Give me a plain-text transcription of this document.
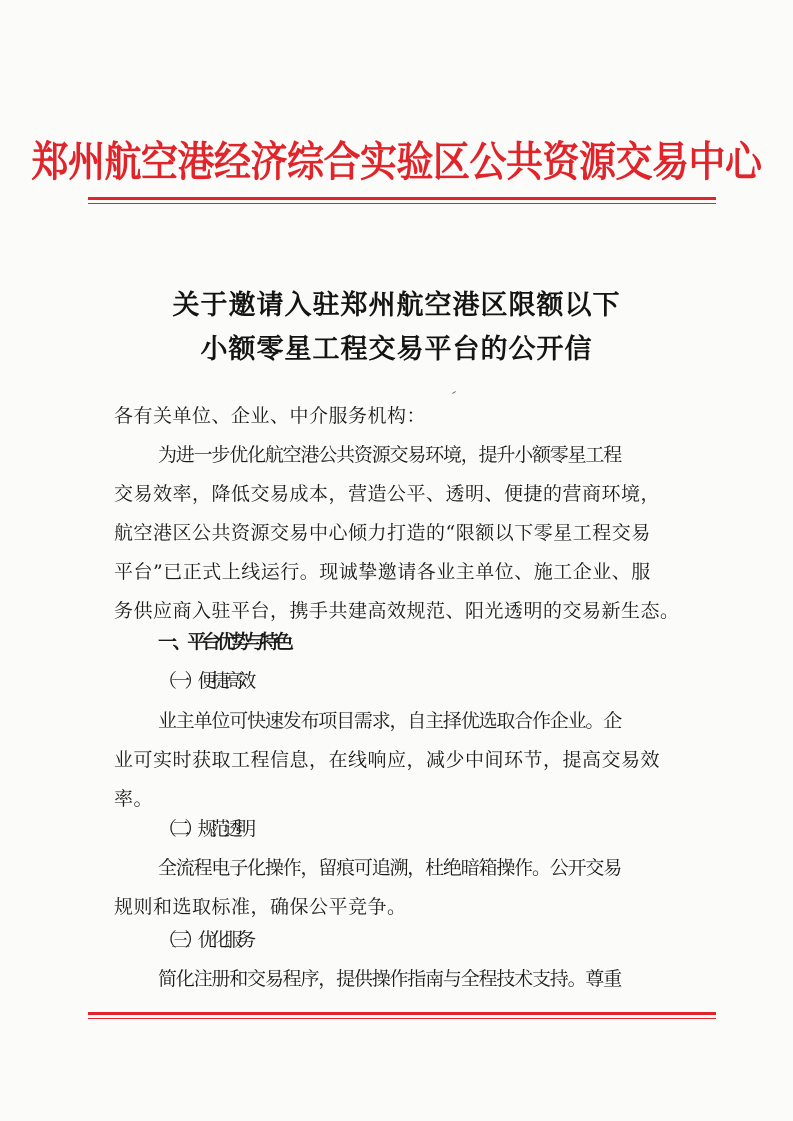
郑州航空港经济综合实验区公共资源交易中心
关于邀请入驻郑州航空港区限额以下
小额零星工程交易平台的公开信
各有关单位、企业、中介服务机构：
为进一步优化航空港公共资源交易环境，提升小额零星工程
交易效率，降低交易成本，营造公平、透明、便捷的营商环境，
航空港区公共资源交易中心倾力打造的“限额以下零星工程交易
平台”已正式上线运行。现诚挚邀请各业主单位、施工企业、服
务供应商入驻平台，携手共建高效规范、阳光透明的交易新生态。
一、平台优势与特色
（一）便捷高效
业主单位可快速发布项目需求，自主择优选取合作企业。企
业可实时获取工程信息，在线响应，减少中间环节，提高交易效
率。
（二）规范透明
全流程电子化操作，留痕可追溯，杜绝暗箱操作。公开交易
规则和选取标准，确保公平竞争。
（三）优化服务
简化注册和交易程序，提供操作指南与全程技术支持。尊重
